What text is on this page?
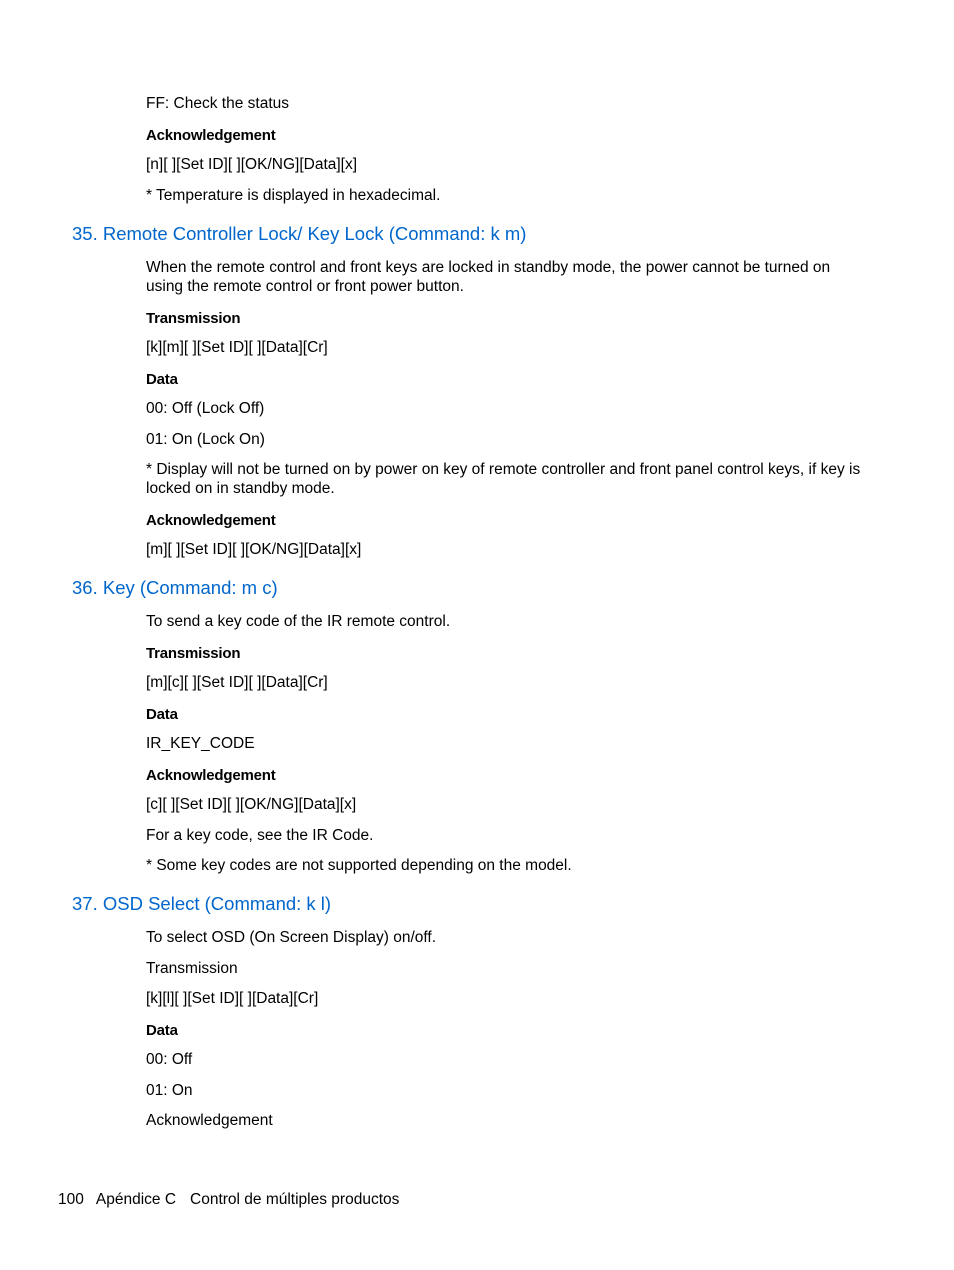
FF: Check the status
Acknowledgement
[n][ ][Set ID][ ][OK/NG][Data][x]
* Temperature is displayed in hexadecimal.
35. Remote Controller Lock/ Key Lock (Command: k m)
When the remote control and front keys are locked in standby mode, the power cannot be turned on using the remote control or front power button.
Transmission
[k][m][ ][Set ID][ ][Data][Cr]
Data
00: Off (Lock Off)
01: On (Lock On)
* Display will not be turned on by power on key of remote controller and front panel control keys, if key is locked on in standby mode.
Acknowledgement
[m][ ][Set ID][ ][OK/NG][Data][x]
36. Key (Command: m c)
To send a key code of the IR remote control.
Transmission
[m][c][ ][Set ID][ ][Data][Cr]
Data
IR_KEY_CODE
Acknowledgement
[c][ ][Set ID][ ][OK/NG][Data][x]
For a key code, see the IR Code.
* Some key codes are not supported depending on the model.
37. OSD Select (Command: k l)
To select OSD (On Screen Display) on/off.
Transmission
[k][l][ ][Set ID][ ][Data][Cr]
Data
00: Off
01: On
Acknowledgement
100 Apéndice C Control de múltiples productos
